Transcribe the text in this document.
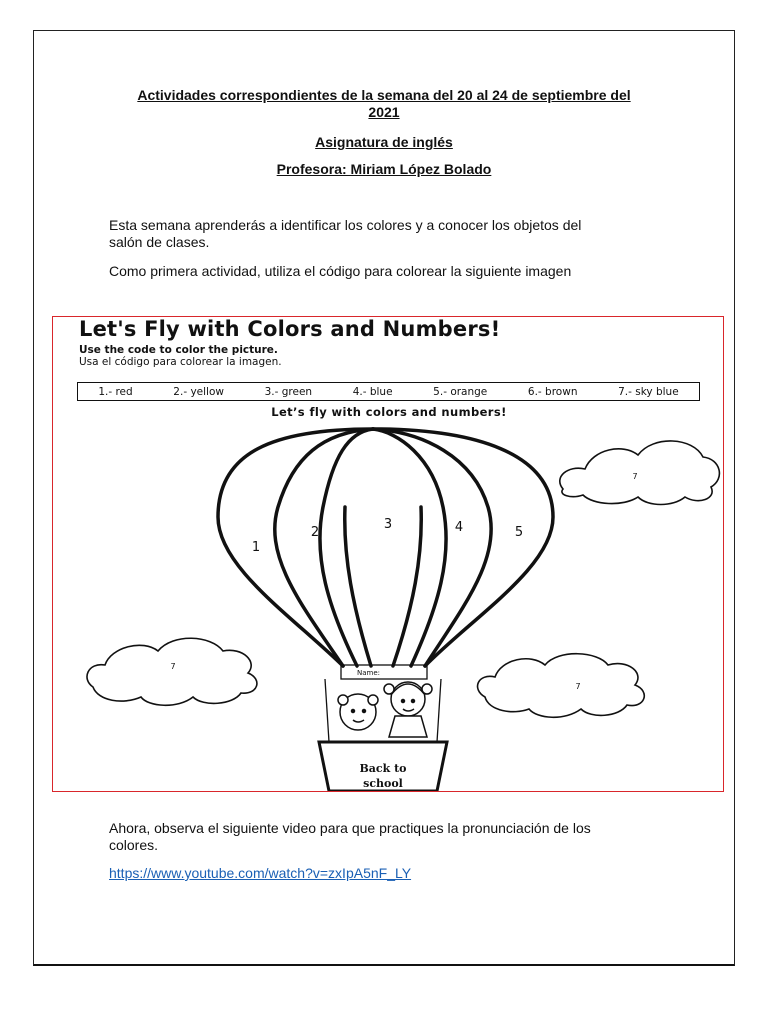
Actividades correspondientes de la semana del 20 al 24 de septiembre del
2021
Asignatura de inglés
Profesora: Miriam López Bolado
Esta semana aprenderás a identificar los colores y a conocer los objetos del
salón de clases.
Como primera actividad, utiliza el código para colorear la siguiente imagen
Let's Fly with Colors and Numbers!
Use the code to color the picture.
Usa el código para colorear la imagen.
1.- red	2.- yellow	3.- green	4.- blue	5.- orange	6.- brown	7.- sky blue
Let’s fly with colors and numbers!
1
2
3	4	5
Name:
Back to
school
7
7
7
Ahora, observa el siguiente video para que practiques la pronunciación de los
colores.
https://www.youtube.com/watch?v=zxIpA5nF_LY
